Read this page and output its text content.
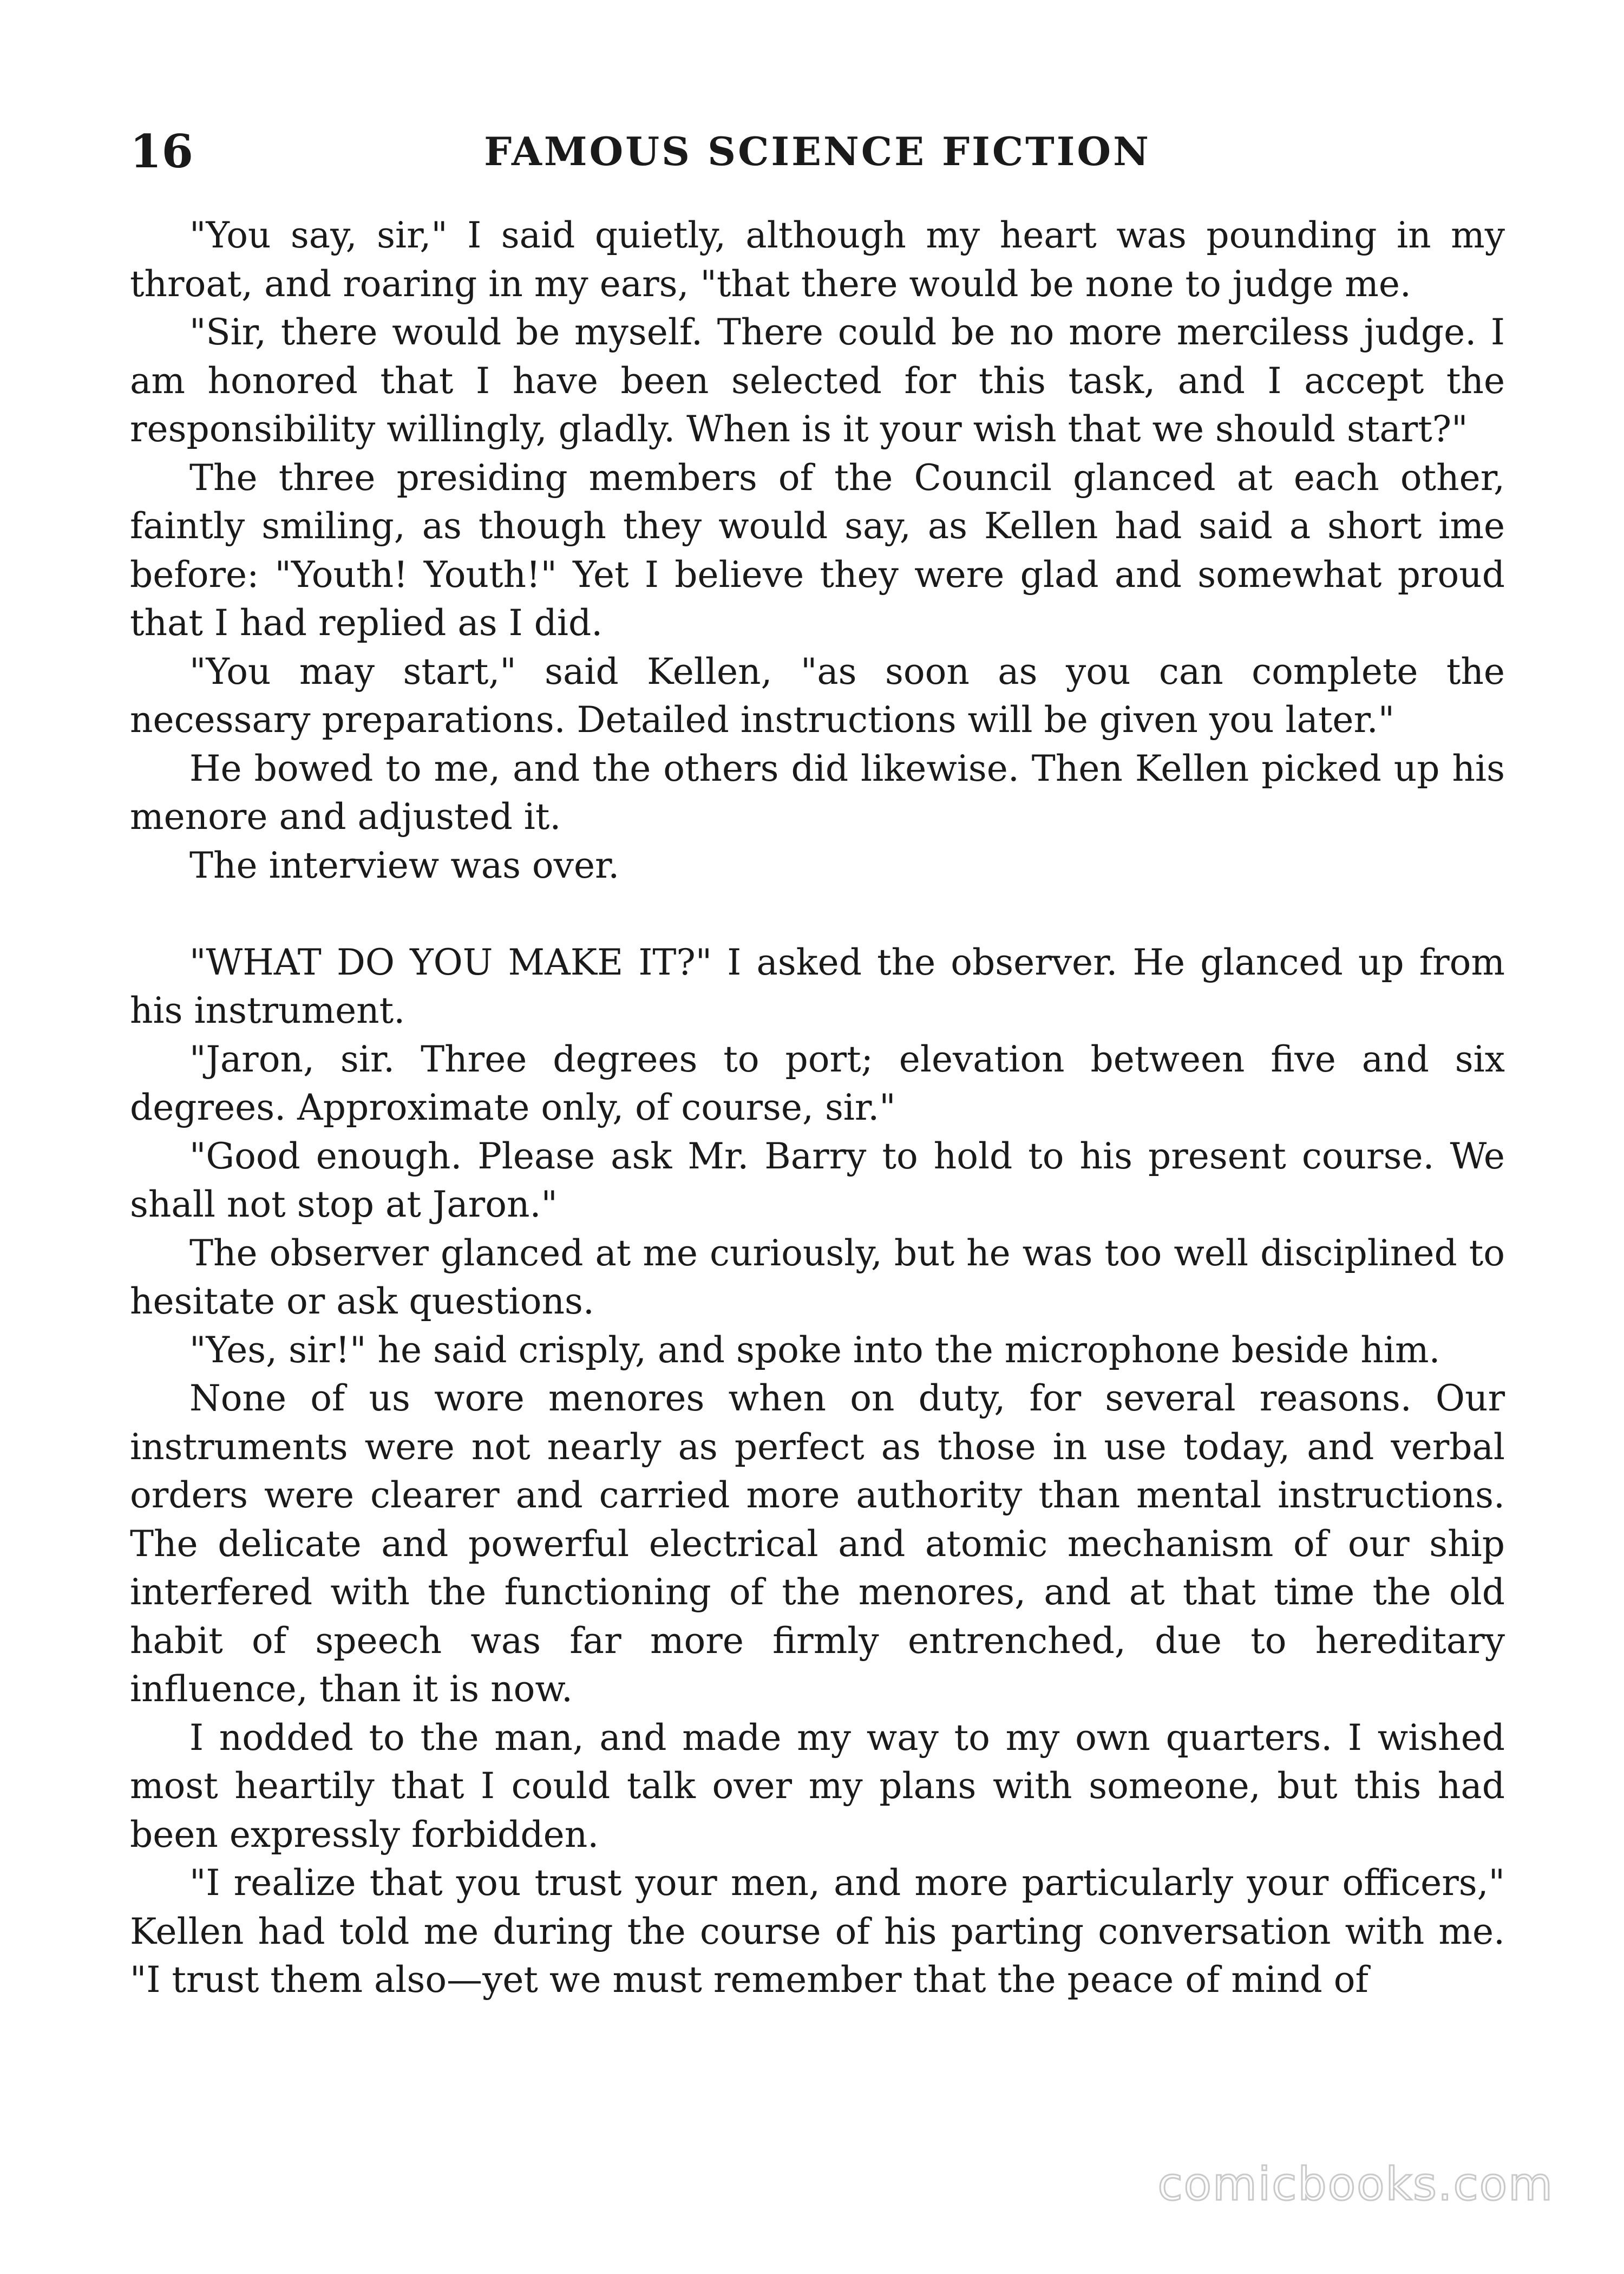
16	FAMOUS SCIENCE FICTION

"You say, sir," I said quietly, although my heart was pounding in my throat, and roaring in my ears, "that there would be none to judge me.

"Sir, there would be myself. There could be no more merciless judge. I am honored that I have been selected for this task, and I accept the responsibility willingly, gladly. When is it your wish that we should start?"

The three presiding members of the Council glanced at each other, faintly smiling, as though they would say, as Kellen had said a short ime before: "Youth! Youth!" Yet I believe they were glad and somewhat proud that I had replied as I did.

"You may start," said Kellen, "as soon as you can complete the necessary preparations. Detailed instructions will be given you later."

He bowed to me, and the others did likewise. Then Kellen picked up his menore and adjusted it.

The interview was over.

"WHAT DO YOU MAKE IT?" I asked the observer. He glanced up from his instrument.

"Jaron, sir. Three degrees to port; elevation between five and six degrees. Approximate only, of course, sir."

"Good enough. Please ask Mr. Barry to hold to his present course. We shall not stop at Jaron."

The observer glanced at me curiously, but he was too well disciplined to hesitate or ask questions.

"Yes, sir!" he said crisply, and spoke into the microphone beside him.

None of us wore menores when on duty, for several reasons. Our instruments were not nearly as perfect as those in use today, and verbal orders were clearer and carried more authority than mental instructions. The delicate and powerful electrical and atomic mechanism of our ship interfered with the functioning of the menores, and at that time the old habit of speech was far more firmly entrenched, due to hereditary influence, than it is now.

I nodded to the man, and made my way to my own quarters. I wished most heartily that I could talk over my plans with someone, but this had been expressly forbidden.

"I realize that you trust your men, and more particularly your officers," Kellen had told me during the course of his parting conversation with me. "I trust them also—yet we must remember that the peace of mind of

comicbooks.com
